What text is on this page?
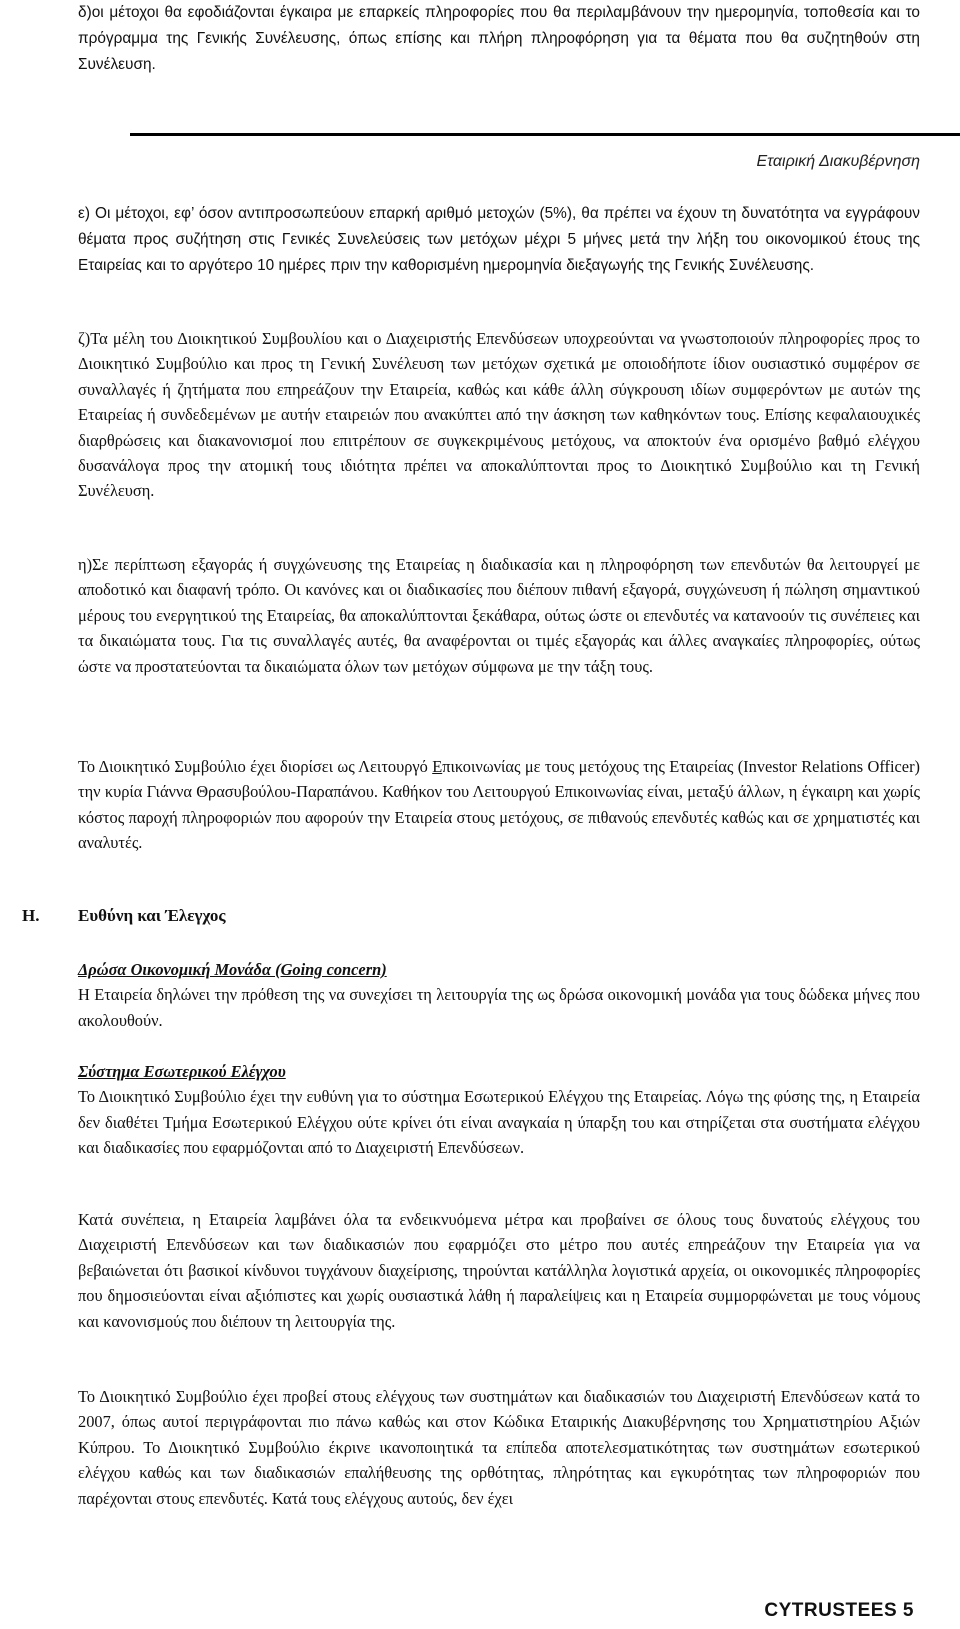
δ)οι μέτοχοι θα εφοδιάζονται έγκαιρα με επαρκείς πληροφορίες που θα περιλαμβάνουν την ημερομηνία, τοποθεσία και το πρόγραμμα της Γενικής Συνέλευσης, όπως επίσης και πλήρη πληροφόρηση για τα θέματα που θα συζητηθούν στη Συνέλευση.

Εταιρική Διακυβέρνηση

ε) Οι μέτοχοι, εφ’ όσον αντιπροσωπεύουν επαρκή αριθμό μετοχών (5%), θα πρέπει να έχουν τη δυνατότητα να εγγράφουν θέματα προς συζήτηση στις Γενικές Συνελεύσεις των μετόχων μέχρι 5 μήνες μετά την λήξη του οικονομικού έτους της Εταιρείας και το αργότερο 10 ημέρες πριν την καθορισμένη ημερομηνία διεξαγωγής της Γενικής Συνέλευσης.

ζ)Τα μέλη του Διοικητικού Συμβουλίου και ο Διαχειριστής Επενδύσεων υποχρεούνται να γνωστοποιούν πληροφορίες προς το Διοικητικό Συμβούλιο και προς τη Γενική Συνέλευση των μετόχων σχετικά με οποιοδήποτε ίδιον ουσιαστικό συμφέρον σε συναλλαγές ή ζητήματα που επηρεάζουν την Εταιρεία, καθώς και κάθε άλλη σύγκρουση ιδίων συμφερόντων με αυτών της Εταιρείας ή συνδεδεμένων με αυτήν εταιρειών που ανακύπτει από την άσκηση των καθηκόντων τους. Επίσης κεφαλαιουχικές διαρθρώσεις και διακανονισμοί που επιτρέπουν σε συγκεκριμένους μετόχους, να αποκτούν ένα ορισμένο βαθμό ελέγχου δυσανάλογα προς την ατομική τους ιδιότητα πρέπει να αποκαλύπτονται προς το Διοικητικό Συμβούλιο και τη Γενική Συνέλευση.

η)Σε περίπτωση εξαγοράς ή συγχώνευσης της Εταιρείας η διαδικασία και η πληροφόρηση των επενδυτών θα λειτουργεί με αποδοτικό και διαφανή τρόπο. Οι κανόνες και οι διαδικασίες που διέπουν πιθανή εξαγορά, συγχώνευση ή πώληση σημαντικού μέρους του ενεργητικού της Εταιρείας, θα αποκαλύπτονται ξεκάθαρα, ούτως ώστε οι επενδυτές να κατανοούν τις συνέπειες και τα δικαιώματα τους. Για τις συναλλαγές αυτές, θα αναφέρονται οι τιμές εξαγοράς και άλλες αναγκαίες πληροφορίες, ούτως ώστε να προστατεύονται τα δικαιώματα όλων των μετόχων σύμφωνα με την τάξη τους.

Το Διοικητικό Συμβούλιο έχει διορίσει ως Λειτουργό Επικοινωνίας με τους μετόχους της Εταιρείας (Investor Relations Officer) την κυρία Γιάννα Θρασυβούλου-Παραπάνου. Καθήκον του Λειτουργού Επικοινωνίας είναι, μεταξύ άλλων, η έγκαιρη και χωρίς κόστος παροχή πληροφοριών που αφορούν την Εταιρεία στους μετόχους, σε πιθανούς επενδυτές καθώς και σε χρηματιστές και αναλυτές.

Η. Ευθύνη και Έλεγχος
Δρώσα Οικονομική Μονάδα (Going concern)
Η Εταιρεία δηλώνει την πρόθεση της να συνεχίσει τη λειτουργία της ως δρώσα οικονομική μονάδα για τους δώδεκα μήνες που ακολουθούν.
Σύστημα Εσωτερικού Ελέγχου
Το Διοικητικό Συμβούλιο έχει την ευθύνη για το σύστημα Εσωτερικού Ελέγχου της Εταιρείας. Λόγω της φύσης της, η Εταιρεία δεν διαθέτει Τμήμα Εσωτερικού Ελέγχου ούτε κρίνει ότι είναι αναγκαία η ύπαρξη του και στηρίζεται στα συστήματα ελέγχου και διαδικασίες που εφαρμόζονται από το Διαχειριστή Επενδύσεων.

Κατά συνέπεια, η Εταιρεία λαμβάνει όλα τα ενδεικνυόμενα μέτρα και προβαίνει σε όλους τους δυνατούς ελέγχους του Διαχειριστή Επενδύσεων και των διαδικασιών που εφαρμόζει στο μέτρο που αυτές επηρεάζουν την Εταιρεία για να βεβαιώνεται ότι βασικοί κίνδυνοι τυγχάνουν διαχείρισης, τηρούνται κατάλληλα λογιστικά αρχεία, οι οικονομικές πληροφορίες που δημοσιεύονται είναι αξιόπιστες και χωρίς ουσιαστικά λάθη ή παραλείψεις και η Εταιρεία συμμορφώνεται με τους νόμους και κανονισμούς που διέπουν τη λειτουργία της.

Το Διοικητικό Συμβούλιο έχει προβεί στους ελέγχους των συστημάτων και διαδικασιών του Διαχειριστή Επενδύσεων κατά το 2007, όπως αυτοί περιγράφονται πιο πάνω καθώς και στον Κώδικα Εταιρικής Διακυβέρνησης του Χρηματιστηρίου Αξιών Κύπρου. Το Διοικητικό Συμβούλιο έκρινε ικανοποιητικά τα επίπεδα αποτελεσματικότητας των συστημάτων εσωτερικού ελέγχου καθώς και των διαδικασιών επαλήθευσης της ορθότητας, πληρότητας και εγκυρότητας των πληροφοριών που παρέχονται στους επενδυτές. Κατά τους ελέγχους αυτούς, δεν έχει

CYTRUSTEES 5
